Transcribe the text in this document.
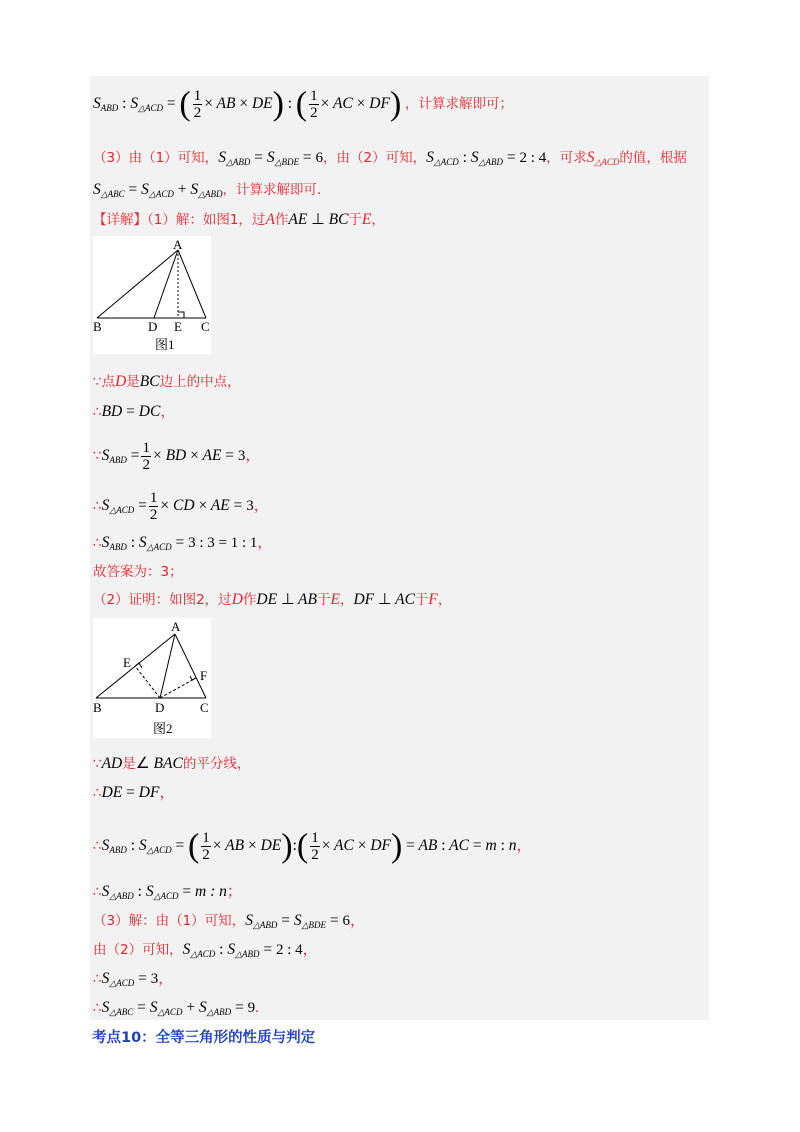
$S_{ABD}$ : $S_{\triangle ACD}$ = ( $\frac{1}{2}$ × AB × DE) : ( $\frac{1}{2}$ × AC × DF) ，计算求解即可；
（3）由（1）可知，$S_{\triangle ABD} = S_{\triangle BDE} = 6$，由（2）可知，$S_{\triangle ACD}$ : $S_{\triangle ABD} = 2$ : 4，可求$S_{\triangle ACD}$的值，根据
$S_{\triangle ABC} = S_{\triangle ACD} + S_{\triangle ABD}$，计算求解即可.
【详解】（1）解：如图1，过A作AE ⊥ BC于E，
A
B	D E C
图1
∵点D是BC边上的中点，
∴BD = DC，
$\because S_{ABD} = \frac{1}{2}$ × BD × AE = 3，
$\therefore S_{\triangle ACD} = \frac{1}{2}$ × CD × AE = 3，
$\therefore S_{ABD}$ : $S_{\triangle ACD} = 3$ : 3 = 1 : 1，
故答案为：3；
（2）证明：如图2，过D作DE ⊥ AB于E，DF ⊥ AC于F，
A
E
F
B	D	C
图2
∵AD是∠ BAC的平分线，
∴DE = DF，
$\therefore S_{ABD}$ : $S_{\triangle ACD}$ = ( $\frac{1}{2}$ × AB × DE):( $\frac{1}{2}$ × AC × DF) = AB : AC = m : n，
$\therefore S_{\triangle ABD}$ : $S_{\triangle ACD} = m$ : n；
（3）解：由（1）可知，$S_{\triangle ABD} = S_{\triangle BDE} = 6$，
由（2）可知，$S_{\triangle ACD}$ : $S_{\triangle ABD} = 2$ : 4，
$\therefore S_{\triangle ACD} = 3$，
$\therefore S_{\triangle ABC} = S_{\triangle ACD} + S_{\triangle ABD} = 9$.
考点10：全等三角形的性质与判定
